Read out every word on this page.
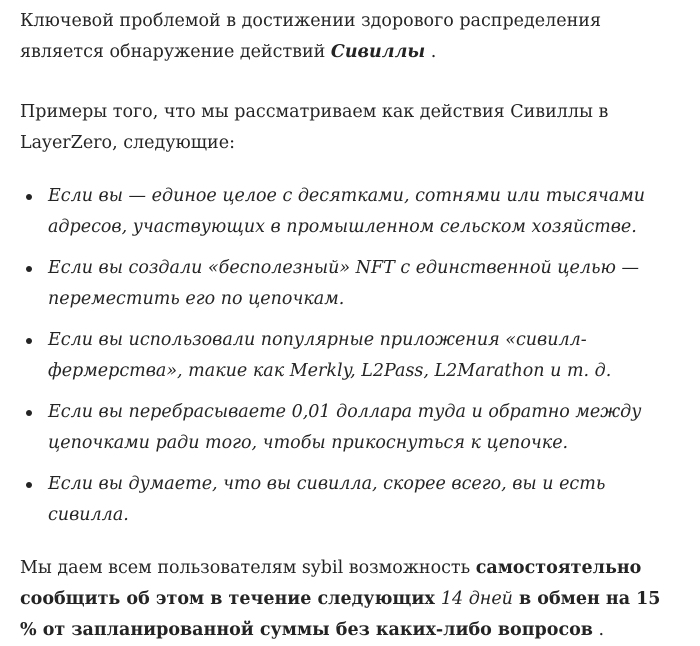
Ключевой проблемой в достижении здорового распределения является обнаружение действий Сивиллы .

Примеры того, что мы рассматриваем как действия Сивиллы в LayerZero, следующие:

Если вы — единое целое с десятками, сотнями или тысячами адресов, участвующих в промышленном сельском хозяйстве.
Если вы создали «бесполезный» NFT с единственной целью — переместить его по цепочкам.
Если вы использовали популярные приложения «сивилл-фермерства», такие как Merkly, L2Pass, L2Marathon и т. д.
Если вы перебрасываете 0,01 доллара туда и обратно между цепочками ради того, чтобы прикоснуться к цепочке.
Если вы думаете, что вы сивилла, скорее всего, вы и есть сивилла.

Мы даем всем пользователям sybil возможность самостоятельно сообщить об этом в течение следующих 14 дней в обмен на 15 % от запланированной суммы без каких-либо вопросов .
